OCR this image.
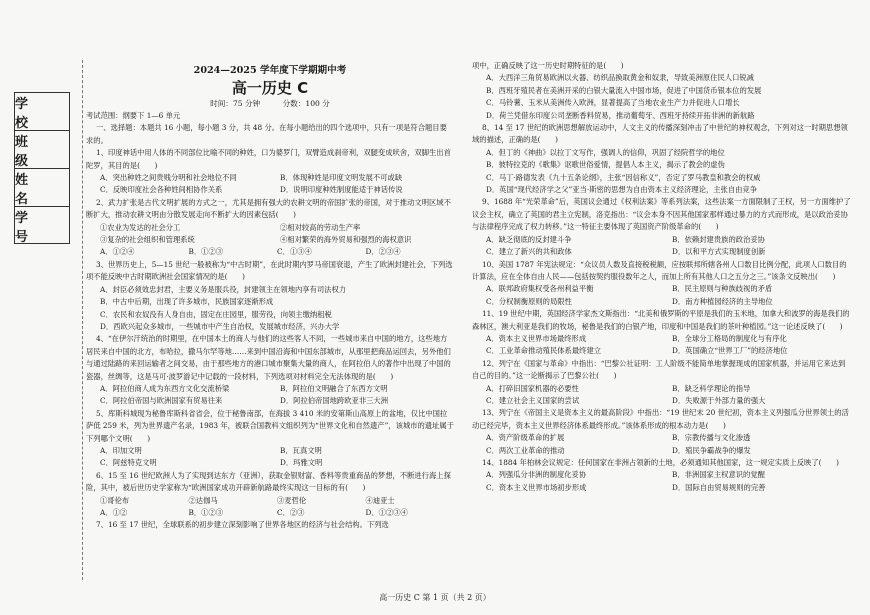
学 校
班 级
姓 名
学 号
2024—2025 学年度下学期期中考
高一历史 C
时间：75 分钟	分数：100 分

考试范围：纲要下 1—6 单元

一、选择题：本题共 16 小题，每小题 3 分，共 48 分。在每小题给出的四个选项中，只有一项是符合题目要求的。

1、印度神话中用人体的不同部位比喻不同的种姓，口为婆罗门，双臂造成刹帝利，双腿变成吠舍，双脚生出首陀罗，其目的是(　　)

A．突出种姓之间贵贱分明和社会地位不同	B．体现种姓是印度文明发展不可或缺
C．反映印度社会各种姓间相协作关系	D．说明印度种姓制度能适于神话传说

2、武力扩张是古代文明扩展的方式之一，尤其是拥有强大的农耕文明的帝国扩张的帝国，对于推动文明区域不断扩大，推动农耕文明由分散发展走向不断扩大的因素包括(　　)

①农业为发达的社会分工	②相对较高的劳动生产率
③复杂的社会组织和管理系统	④相对繁荣的海外贸易和强烈的海权意识
A．①②④	B．①②③	C．①③④	D．②③④

3、世界历史上，5—15 世纪一般被称为“中古时期”，在此时期内罗马帝国衰退，产生了欧洲封建社会，下列选项不能反映中古时期欧洲社会国家情况的是(　　)

A．封臣必须效忠封君，主要义务是服兵役，封建领主在领地内享有司法权力
B．中古中后期，出现了许多城市，民族国家逐渐形成
C．农民和农奴没有人身自由，固定在庄园里，服劳役，向领主缴纳租税
D．西欧兴起众多城市，一些城市中产生自治权，发展城市经济，兴办大学

4、“在伊尔汗统治的时期里，在中国本土的商人与他们的这些客人不同，一些城市来自中国的地方，这些地方居民来自中国的北方，布哈拉，撒马尔罕等地……来到中国沿海和中国东部城市，从那里把商品运回去，另外他们与通过陆路的来回运输者之间交易，由于那些地方的港口城市聚集大量的商人，在阿拉伯人的著作中出现了中国的瓷器，丝绸等，这是马可·波罗游记中记载的一段材料，下列选项对材料完全无法体现的是(　　)

A．阿拉伯商人成为东西方文化交流桥梁	B．阿拉伯文明融合了东西方文明
C．阿拉伯帝国与欧洲国家有贸易往来	D．阿拉伯帝国地跨欧亚非三大洲

5、库斯科城现为秘鲁库斯科省省会，位于秘鲁南部，在海拔 3 410 米的安第斯山高原上的盆地，仅比中国拉萨低 259 米，列为世界遗产名录，1983 年，被联合国教科文组织列为“世界文化和自然遗产”，该城市的遗址属于下列哪个文明(　　)

A．印加文明	B．瓦真文明
C．阿兹特克文明	D．玛雅文明

6、15 至 16 世纪欧洲人为了实现到达东方（亚洲），获取金银财富、香料等贵重商品的梦想，不断进行海上探险，其中，被后世历史学家称为“欧洲国家成功开辟新航路最终实现这一目标的有(　　)

①哥伦布	②达伽马	③麦哲伦	④迪亚士
A．①②	B．①②③	C．②③	D．①②③④

7、16 至 17 世纪，全球联系的初步建立深刻影响了世界各地区的经济与社会结构。下列选

项中，正确反映了这一历史时期特征的是(　　)

A．大西洋三角贸易欧洲以火器、纺织品换取黄金和奴隶，导致美洲原住民人口锐减
B．西班牙殖民者在美洲开采的白银大量流入中国市场，促进了中国货币银本位的发展
C．马铃薯、玉米从美洲传入欧洲，显著提高了当地农业生产力并促进人口增长
D．荷兰凭借东印度公司垄断香料贸易，推动葡萄牙、西班牙持续开拓非洲的新航路

8、14 至 17 世纪的欧洲思想解放运动中，人文主义的传播深刻冲击了中世纪的神权观念，下列对这一时期思想领域的描述，正确的是(　　)

A．但丁的《神曲》以拉丁文写作，强调人的信仰，巩固了经院哲学的地位
B．彼特拉克的《歌集》讴歌世俗爱情，提倡人本主义，揭示了教会的虚伪
C．马丁·路德发表《九十五条论纲》，主张“因信称义”，否定了罗马教皇和教会的权威
D．英国“现代经济学之父”亚当·斯密的思想为自由资本主义经济理论，主张自由竞争

9、1688 年“光荣革命”后，英国议会通过《权利法案》等系列法案，这些法案一方面限制了王权，另一方面维护了议会主权，确立了英国的君主立宪制，洛克指出：“议会本身不因其他国家那样通过暴力的方式而形成，是以政治妥协与法律程序完成了权力转移。”这一特征主要体现了英国资产阶级革命的(　　)

A．缺乏彻底的反封建斗争	B．依赖封建贵族的政治妥协
C．建立了新兴的共和政体	D．以和平方式实现制度创新

10、美国 1787 年宪法规定：“众议员人数及直接税税额，应按联邦所辖各州人口数目比例分配，此项人口数目的计算法，应在全体自由人民——包括按契约服役数年之人，而加上所有其他人口之五分之三。”该条文反映出(　　)

A．联邦政府集权受各州利益平衡	B．民主原则与种族歧视的矛盾
C．分权制衡原则的局限性	D．南方种植园经济的主导地位

11、19 世纪中期，英国经济学家杰文斯指出：“北美和俄罗斯的平原是我们的玉米地，加拿大和波罗的海是我们的森林区，澳大利亚是我们的牧场，秘鲁是我们的白银产地，印度和中国是我们的茶叶种植园。”这一论述反映了(　　)

A．资本主义世界市场最终形成	B．全球分工格局的制度化与有序化
C．工业革命推动殖民体系最终建立	D．英国确立“世界工厂”的经济地位

12、列宁在《国家与革命》中指出：“巴黎公社证明：工人阶级不能简单地掌握现成的国家机器，并运用它来达到自己的目的。”这一论断揭示了巴黎公社(　　)

A．打碎旧国家机器的必要性	B．缺乏科学理论的指导
C．建立社会主义国家的尝试	D．失败源于外部力量的强大

13、列宁在《帝国主义是资本主义的最高阶段》中指出：“19 世纪末 20 世纪初，资本主义列强瓜分世界领土的活动已经完毕，资本主义世界经济体系最终形成。”该体系形成的根本动力是(　　)

A．资产阶级革命的扩展	B．宗教传播与文化渗透
C．两次工业革命的推动	D．殖民争霸战争的爆发

14、1884 年柏林会议规定：任何国家在非洲占领新的土地，必须通知其他国家，这一规定实质上反映了(　　)

A．列强瓜分非洲的制度化妥协	B．非洲国家主权意识的觉醒
C．资本主义世界市场初步形成	D．国际自由贸易规则的完善
高一历史 C 第 1 页（共 2 页）
